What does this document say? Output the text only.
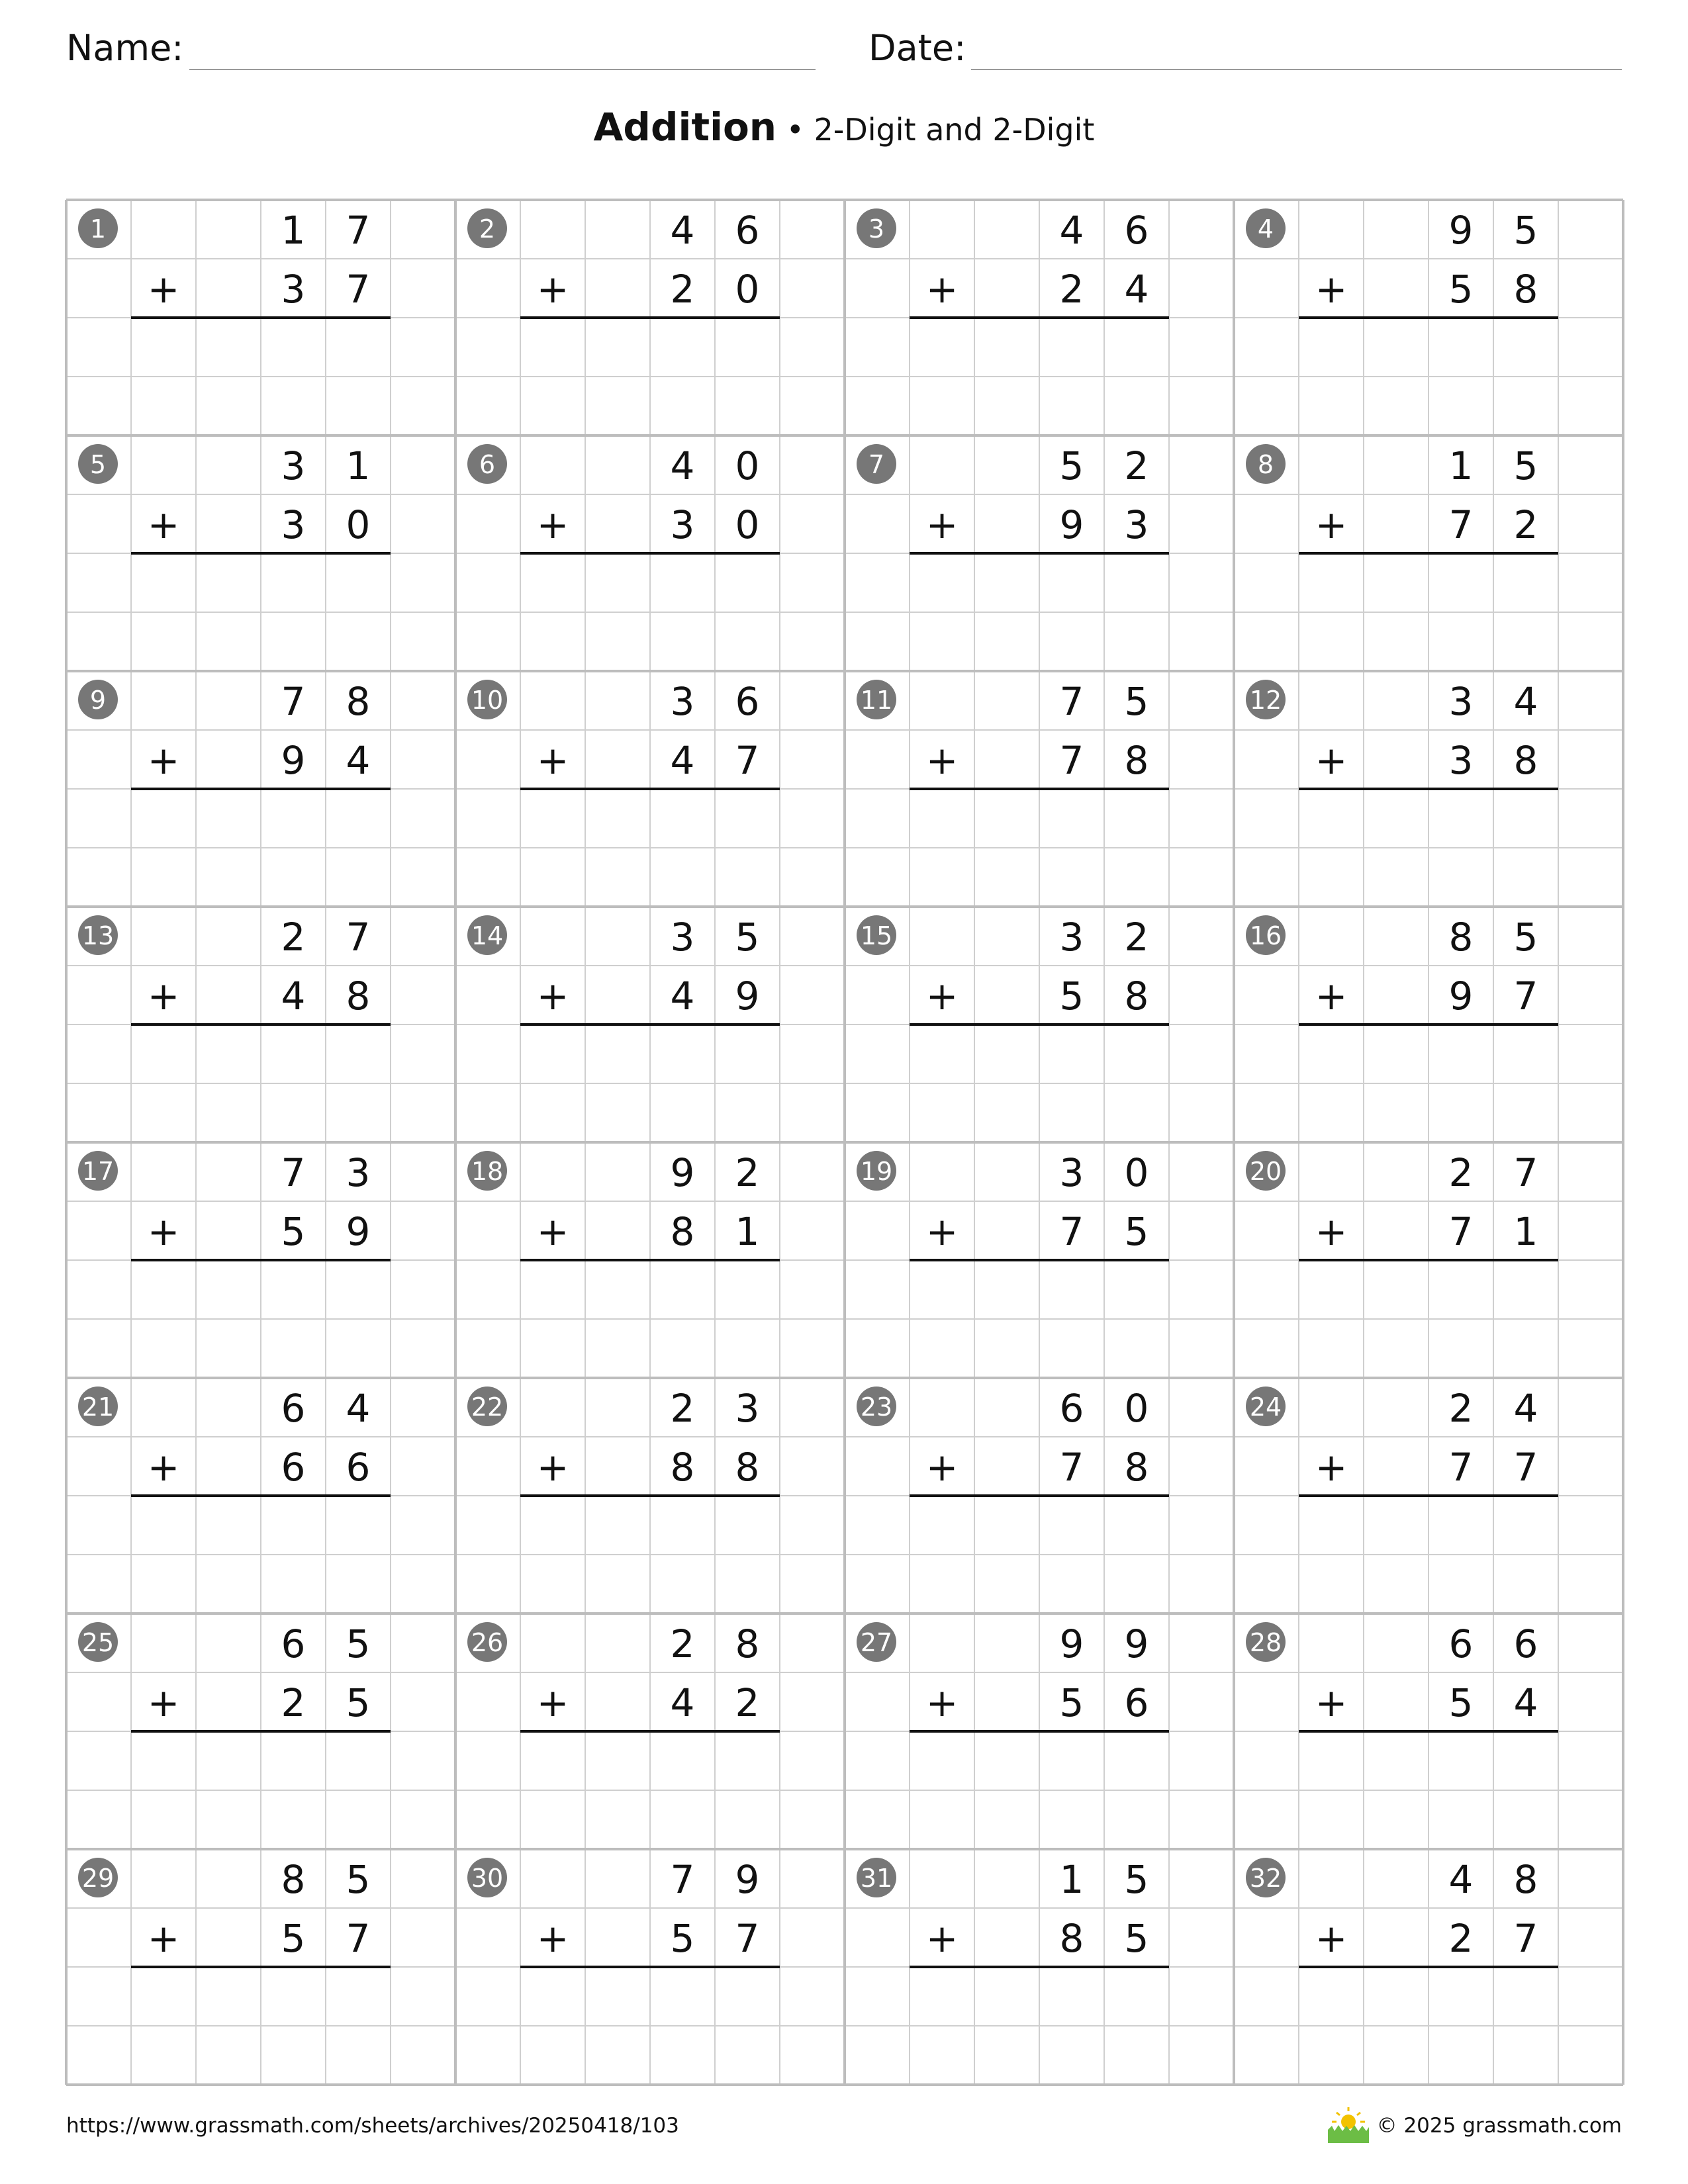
Name:	Date:
Addition • 2-Digit and 2-Digit
1	1 7
+	3 7
2	4 6
+	2 0
3	4 6
+	2 4
4	9 5
+	5 8
5	3 1
+	3 0
6	4 0
+	3 0
7	5 2
+	9 3
8	1 5
+	7 2
9	7 8
+	9 4
10	3 6
+	4 7
11	7 5
+	7 8
12	3 4
+	3 8
13	2 7
+	4 8
14	3 5
+	4 9
15	3 2
+	5 8
16	8 5
+	9 7
17	7 3
+	5 9
18	9 2
+	8 1
19	3 0
+	7 5
20	2 7
+	7 1
21	6 4
+	6 6
22	2 3
+	8 8
23	6 0
+	7 8
24	2 4
+	7 7
25	6 5
+	2 5
26	2 8
+	4 2
27	9 9
+	5 6
28	6 6
+	5 4
29	8 5
+	5 7
30	7 9
+	5 7
31	1 5
+	8 5
32	4 8
+	2 7
https://www.grassmath.com/sheets/archives/20250418/103	© 2025 grassmath.com
